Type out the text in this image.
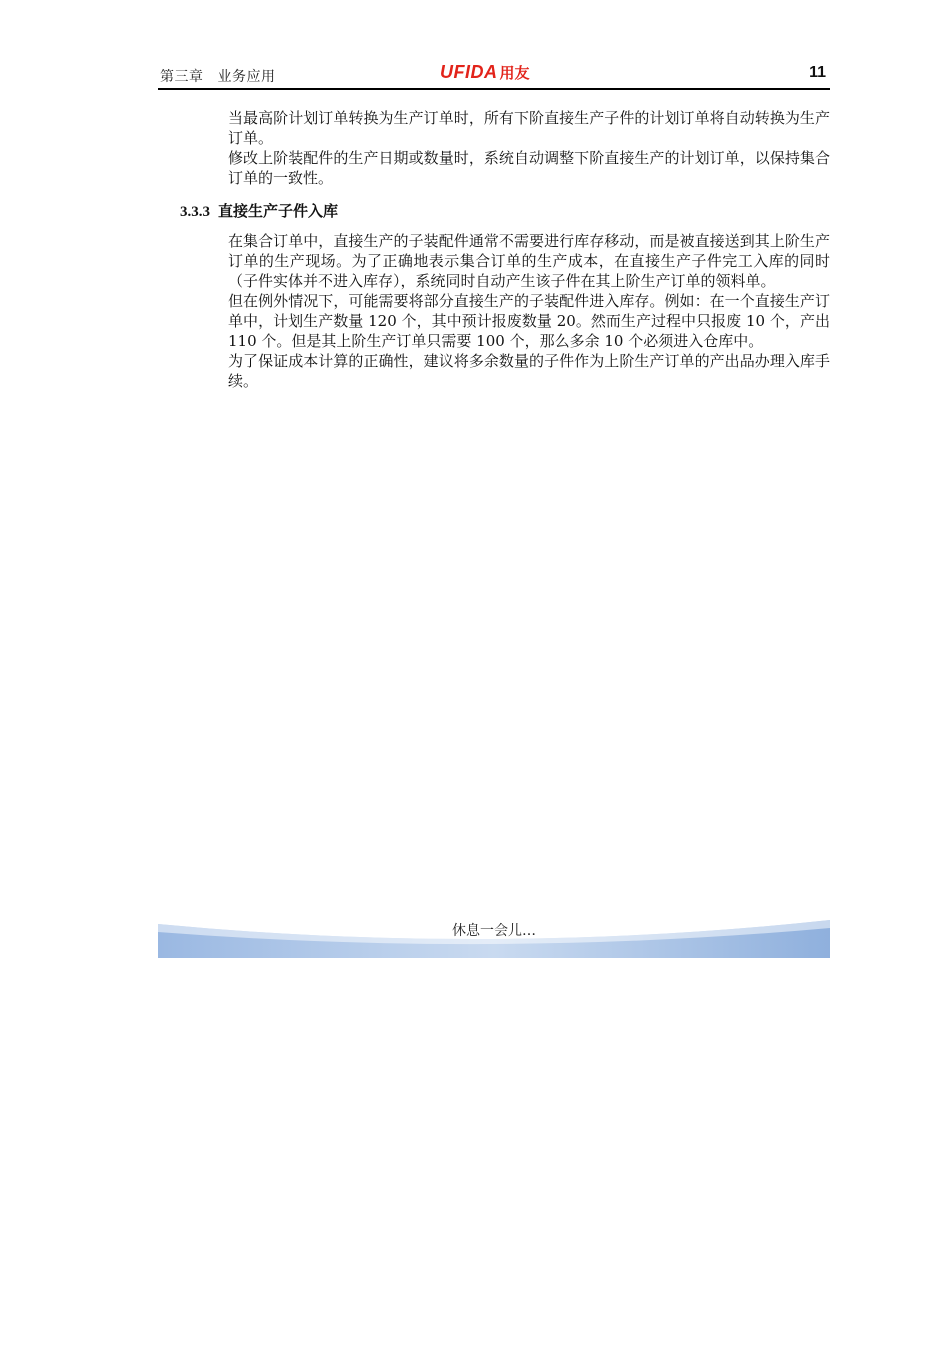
第三章 业务应用	UFIDA 用友	11

当最高阶计划订单转换为生产订单时，所有下阶直接生产子件的计划订单将自动转换为生产订单。

修改上阶装配件的生产日期或数量时，系统自动调整下阶直接生产的计划订单，以保持集合订单的一致性。

3.3.3 直接生产子件入库

在集合订单中，直接生产的子装配件通常不需要进行库存移动，而是被直接送到其上阶生产订单的生产现场。为了正确地表示集合订单的生产成本，在直接生产子件完工入库的同时（子件实体并不进入库存），系统同时自动产生该子件在其上阶生产订单的领料单。

但在例外情况下，可能需要将部分直接生产的子装配件进入库存。例如：在一个直接生产订单中，计划生产数量 120 个，其中预计报废数量 20。然而生产过程中只报废 10 个，产出 110 个。但是其上阶生产订单只需要 100 个，那么多余 10 个必须进入仓库中。

为了保证成本计算的正确性，建议将多余数量的子件作为上阶生产订单的产出品办理入库手续。

休息一会儿…
